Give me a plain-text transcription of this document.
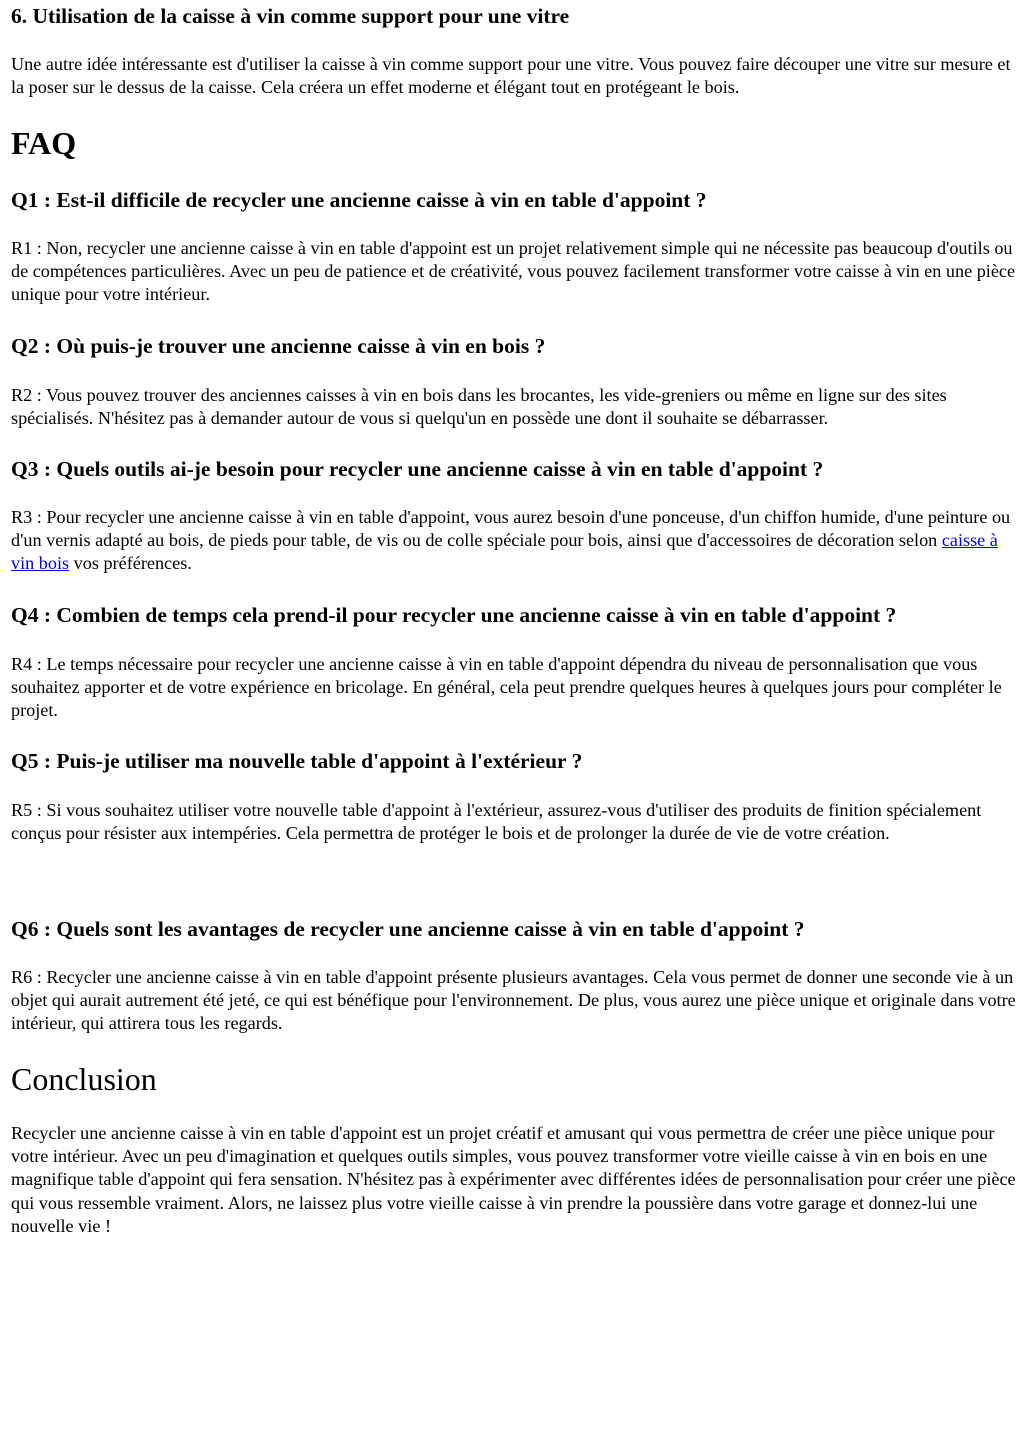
6. Utilisation de la caisse à vin comme support pour une vitre

Une autre idée intéressante est d'utiliser la caisse à vin comme support pour une vitre. Vous pouvez faire découper une vitre sur mesure et la poser sur le dessus de la caisse. Cela créera un effet moderne et élégant tout en protégeant le bois.

FAQ
Q1 : Est-il difficile de recycler une ancienne caisse à vin en table d'appoint ?

R1 : Non, recycler une ancienne caisse à vin en table d'appoint est un projet relativement simple qui ne nécessite pas beaucoup d'outils ou de compétences particulières. Avec un peu de patience et de créativité, vous pouvez facilement transformer votre caisse à vin en une pièce unique pour votre intérieur.

Q2 : Où puis-je trouver une ancienne caisse à vin en bois ?

R2 : Vous pouvez trouver des anciennes caisses à vin en bois dans les brocantes, les vide-greniers ou même en ligne sur des sites spécialisés. N'hésitez pas à demander autour de vous si quelqu'un en possède une dont il souhaite se débarrasser.

Q3 : Quels outils ai-je besoin pour recycler une ancienne caisse à vin en table d'appoint ?

R3 : Pour recycler une ancienne caisse à vin en table d'appoint, vous aurez besoin d'une ponceuse, d'un chiffon humide, d'une peinture ou d'un vernis adapté au bois, de pieds pour table, de vis ou de colle spéciale pour bois, ainsi que d'accessoires de décoration selon caisse à vin bois vos préférences.

Q4 : Combien de temps cela prend-il pour recycler une ancienne caisse à vin en table d'appoint ?

R4 : Le temps nécessaire pour recycler une ancienne caisse à vin en table d'appoint dépendra du niveau de personnalisation que vous souhaitez apporter et de votre expérience en bricolage. En général, cela peut prendre quelques heures à quelques jours pour compléter le projet.

Q5 : Puis-je utiliser ma nouvelle table d'appoint à l'extérieur ?

R5 : Si vous souhaitez utiliser votre nouvelle table d'appoint à l'extérieur, assurez-vous d'utiliser des produits de finition spécialement conçus pour résister aux intempéries. Cela permettra de protéger le bois et de prolonger la durée de vie de votre création.

Q6 : Quels sont les avantages de recycler une ancienne caisse à vin en table d'appoint ?

R6 : Recycler une ancienne caisse à vin en table d'appoint présente plusieurs avantages. Cela vous permet de donner une seconde vie à un objet qui aurait autrement été jeté, ce qui est bénéfique pour l'environnement. De plus, vous aurez une pièce unique et originale dans votre intérieur, qui attirera tous les regards.

Conclusion

Recycler une ancienne caisse à vin en table d'appoint est un projet créatif et amusant qui vous permettra de créer une pièce unique pour votre intérieur. Avec un peu d'imagination et quelques outils simples, vous pouvez transformer votre vieille caisse à vin en bois en une magnifique table d'appoint qui fera sensation. N'hésitez pas à expérimenter avec différentes idées de personnalisation pour créer une pièce qui vous ressemble vraiment. Alors, ne laissez plus votre vieille caisse à vin prendre la poussière dans votre garage et donnez-lui une nouvelle vie !
